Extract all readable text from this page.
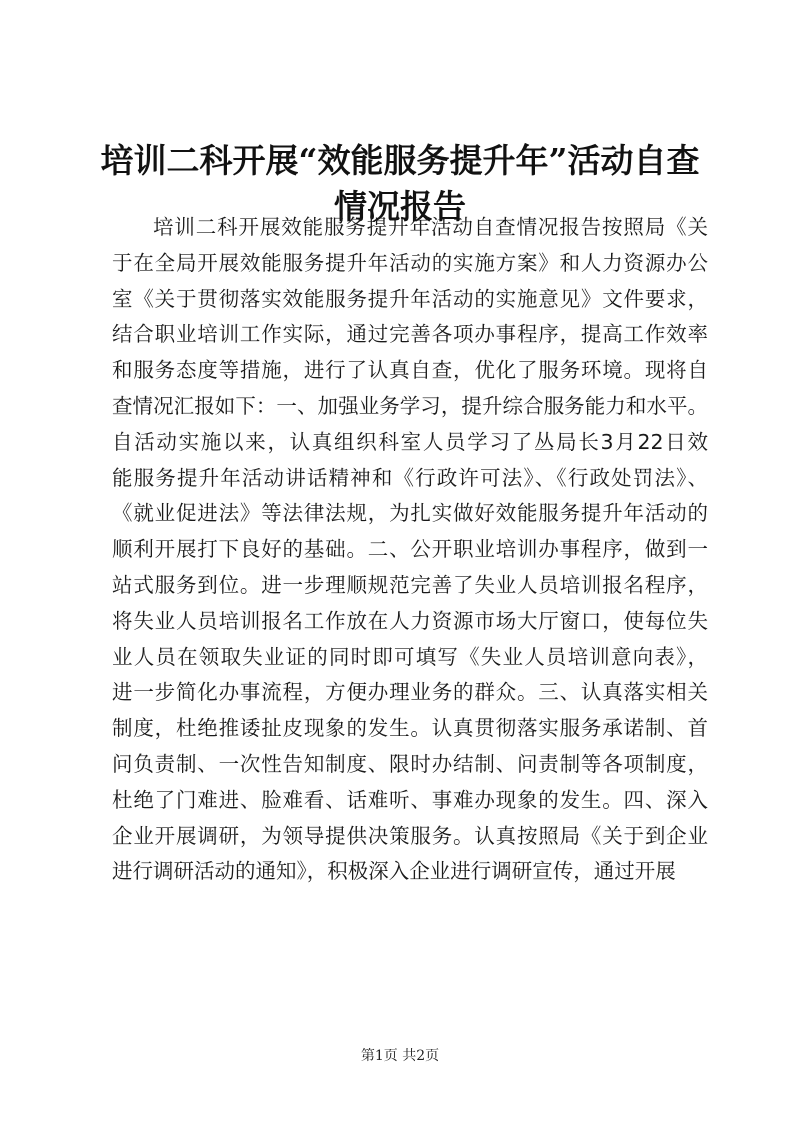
培训二科开展“效能服务提升年”活动自查情况报告
培训二科开展效能服务提升年活动自查情况报告按照局《关
于在全局开展效能服务提升年活动的实施方案》和人力资源办公
室《关于贯彻落实效能服务提升年活动的实施意见》文件要求，
结合职业培训工作实际，通过完善各项办事程序，提高工作效率
和服务态度等措施，进行了认真自查，优化了服务环境。现将自
查情况汇报如下：一、加强业务学习，提升综合服务能力和水平。
自活动实施以来，认真组织科室人员学习了丛局长3月22日效
能服务提升年活动讲话精神和《行政许可法》、《行政处罚法》、
《就业促进法》等法律法规，为扎实做好效能服务提升年活动的
顺利开展打下良好的基础。二、公开职业培训办事程序，做到一
站式服务到位。进一步理顺规范完善了失业人员培训报名程序，
将失业人员培训报名工作放在人力资源市场大厅窗口，使每位失
业人员在领取失业证的同时即可填写《失业人员培训意向表》，
进一步简化办事流程，方便办理业务的群众。三、认真落实相关
制度，杜绝推诿扯皮现象的发生。认真贯彻落实服务承诺制、首
问负责制、一次性告知制度、限时办结制、问责制等各项制度，
杜绝了门难进、脸难看、话难听、事难办现象的发生。四、深入
企业开展调研，为领导提供决策服务。认真按照局《关于到企业
进行调研活动的通知》，积极深入企业进行调研宣传，通过开展
第1页 共2页
